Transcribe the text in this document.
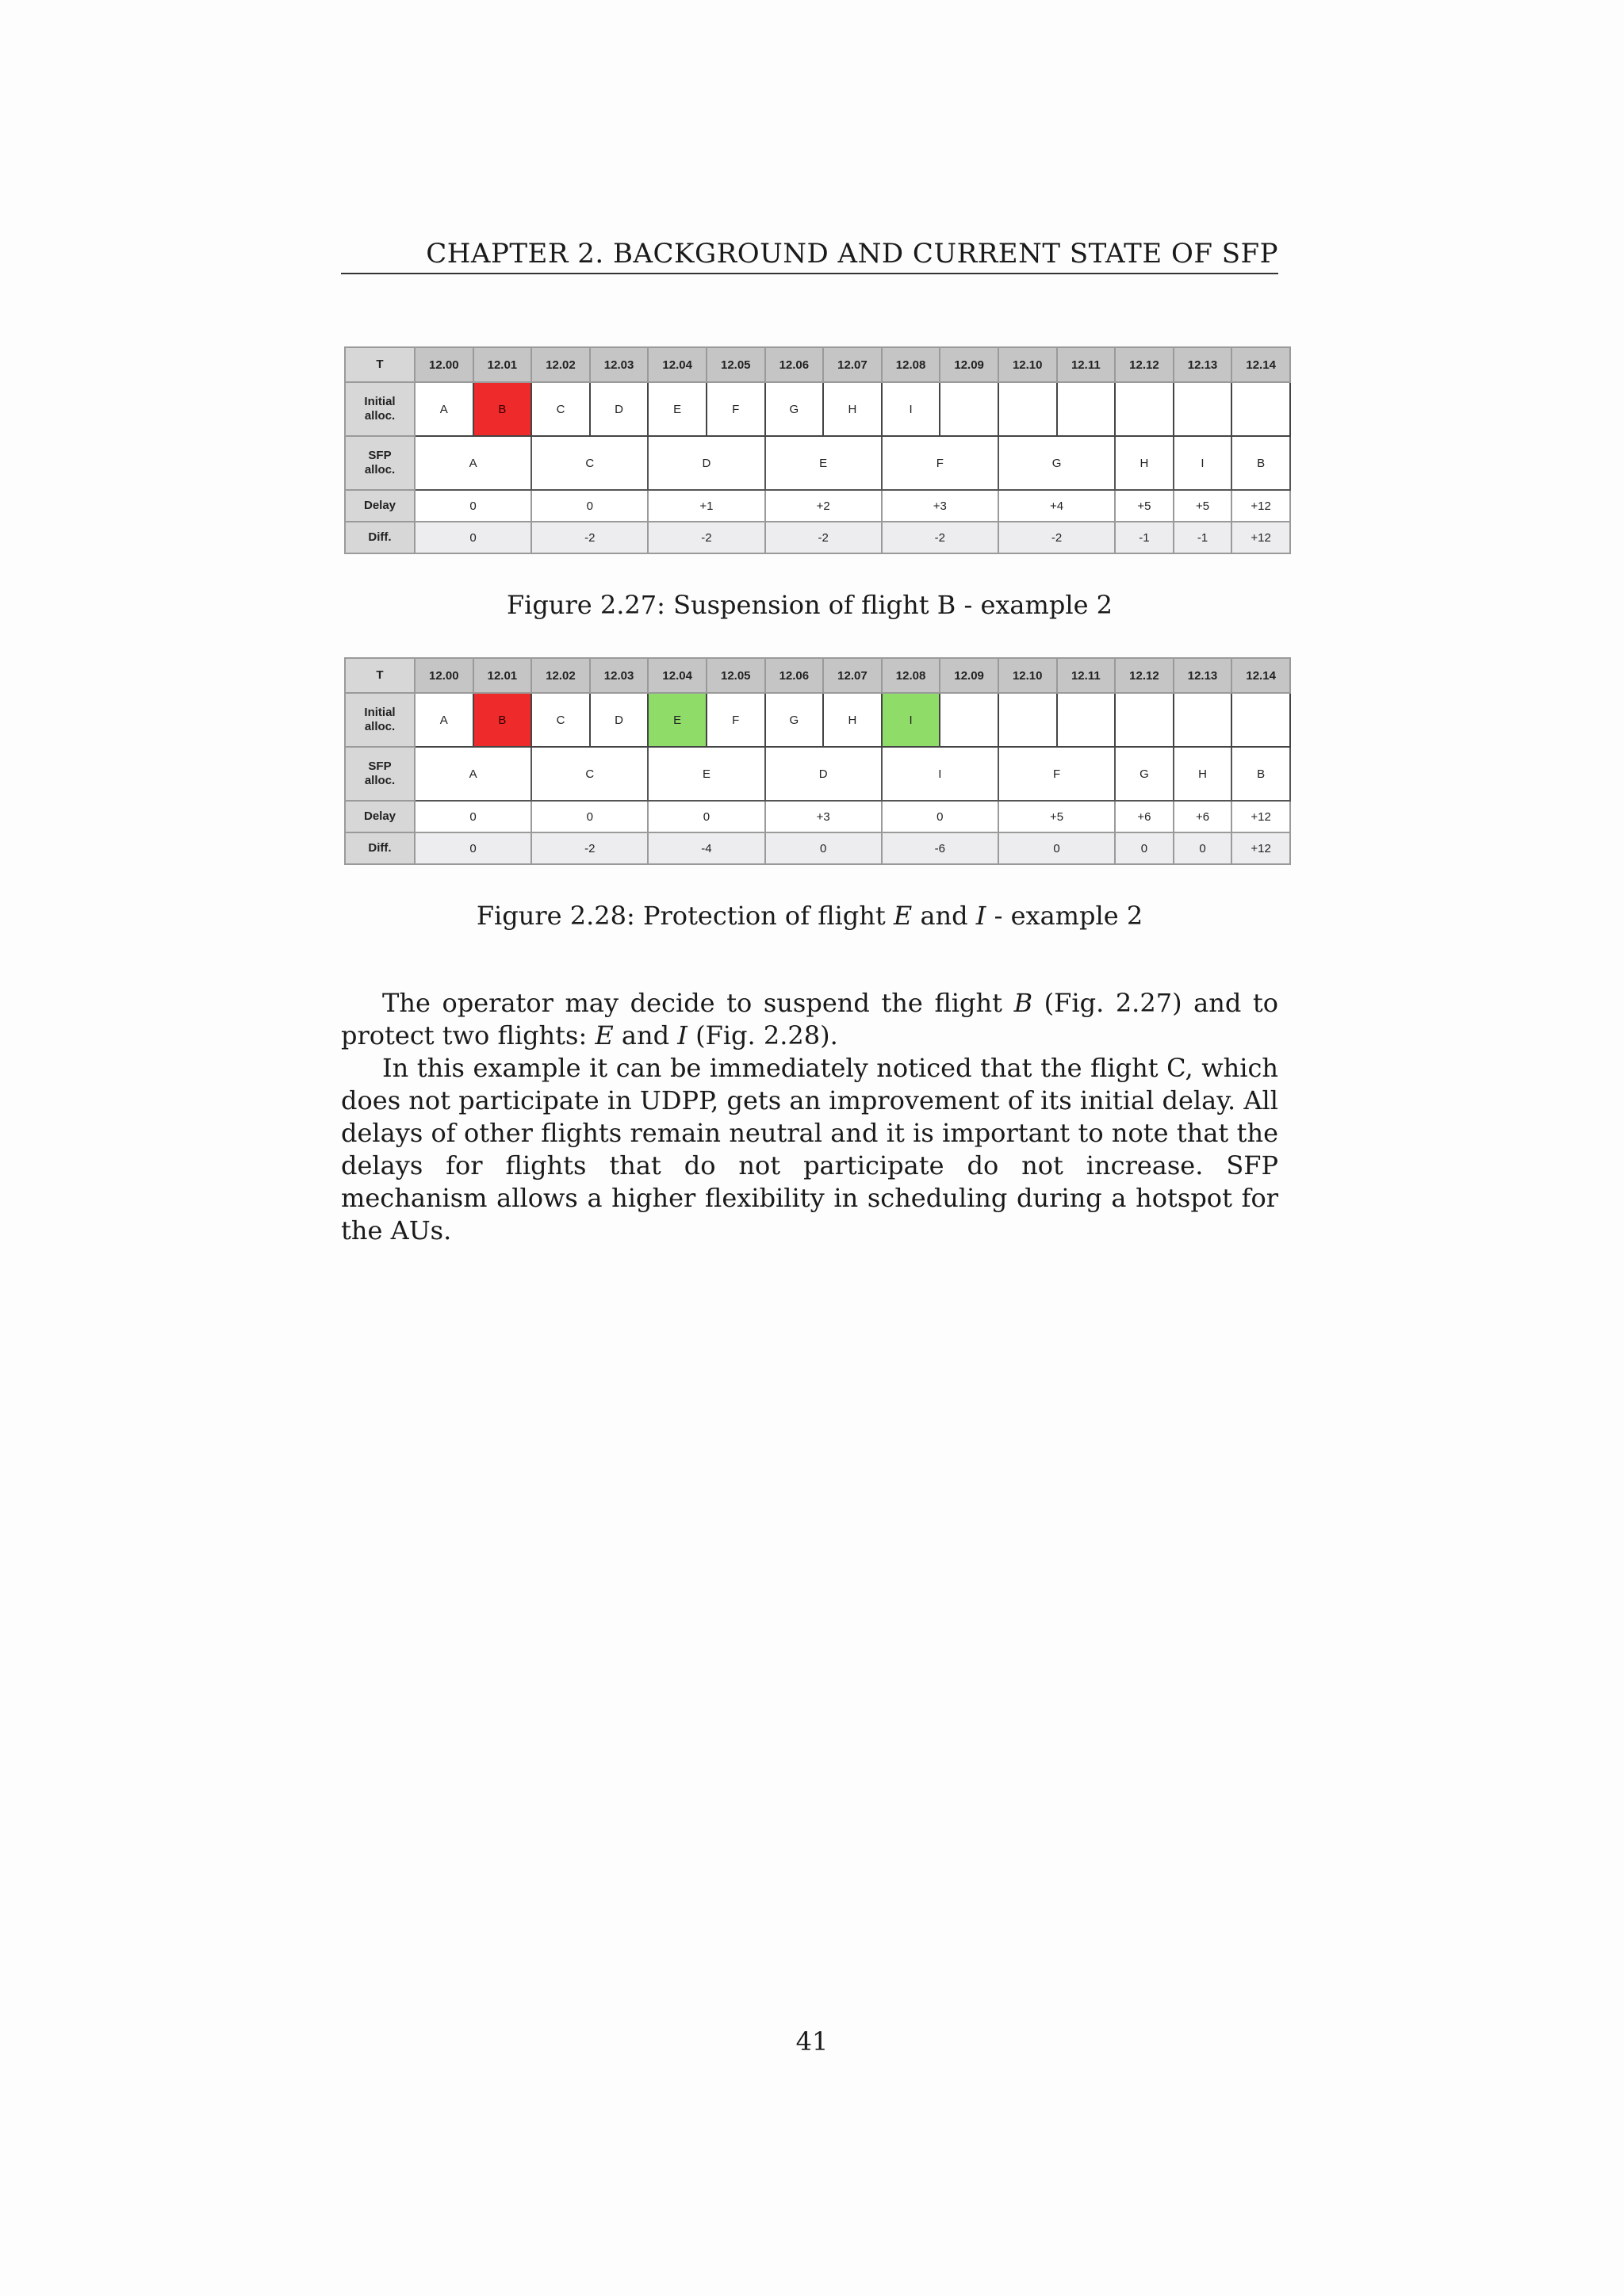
CHAPTER 2. BACKGROUND AND CURRENT STATE OF SFP
T	12.00	12.01	12.02	12.03	12.04	12.05	12.06	12.07	12.08	12.09	12.10	12.11	12.12	12.13	12.14
Initial
alloc.	A	B	C	D	E	F	G	H	I						
SFP
alloc.	A		C		D		E		F		G		H	I	B
Delay	0		0		+1		+2		+3		+4		+5	+5	+12
Diff.	0		-2		-2		-2		-2		-2		-1	-1	+12
Figure 2.27: Suspension of flight B - example 2
T	12.00	12.01	12.02	12.03	12.04	12.05	12.06	12.07	12.08	12.09	12.10	12.11	12.12	12.13	12.14
Initial
alloc.	A	B	C	D	E	F	G	H	I						
SFP
alloc.	A		C		E		D		I		F		G	H	B
Delay	0		0		0		+3		0		+5		+6	+6	+12
Diff.	0		-2		-4		0		-6		0		0	0	+12
Figure 2.28: Protection of flight E and I - example 2

The operator may decide to suspend the flight B (Fig. 2.27) and to protect two flights: E and I (Fig. 2.28).

In this example it can be immediately noticed that the flight C, which does not participate in UDPP, gets an improvement of its initial delay. All delays of other flights remain neutral and it is important to note that the delays for flights that do not participate do not increase. SFP mechanism allows a higher flexibility in scheduling during a hotspot for the AUs.

41
